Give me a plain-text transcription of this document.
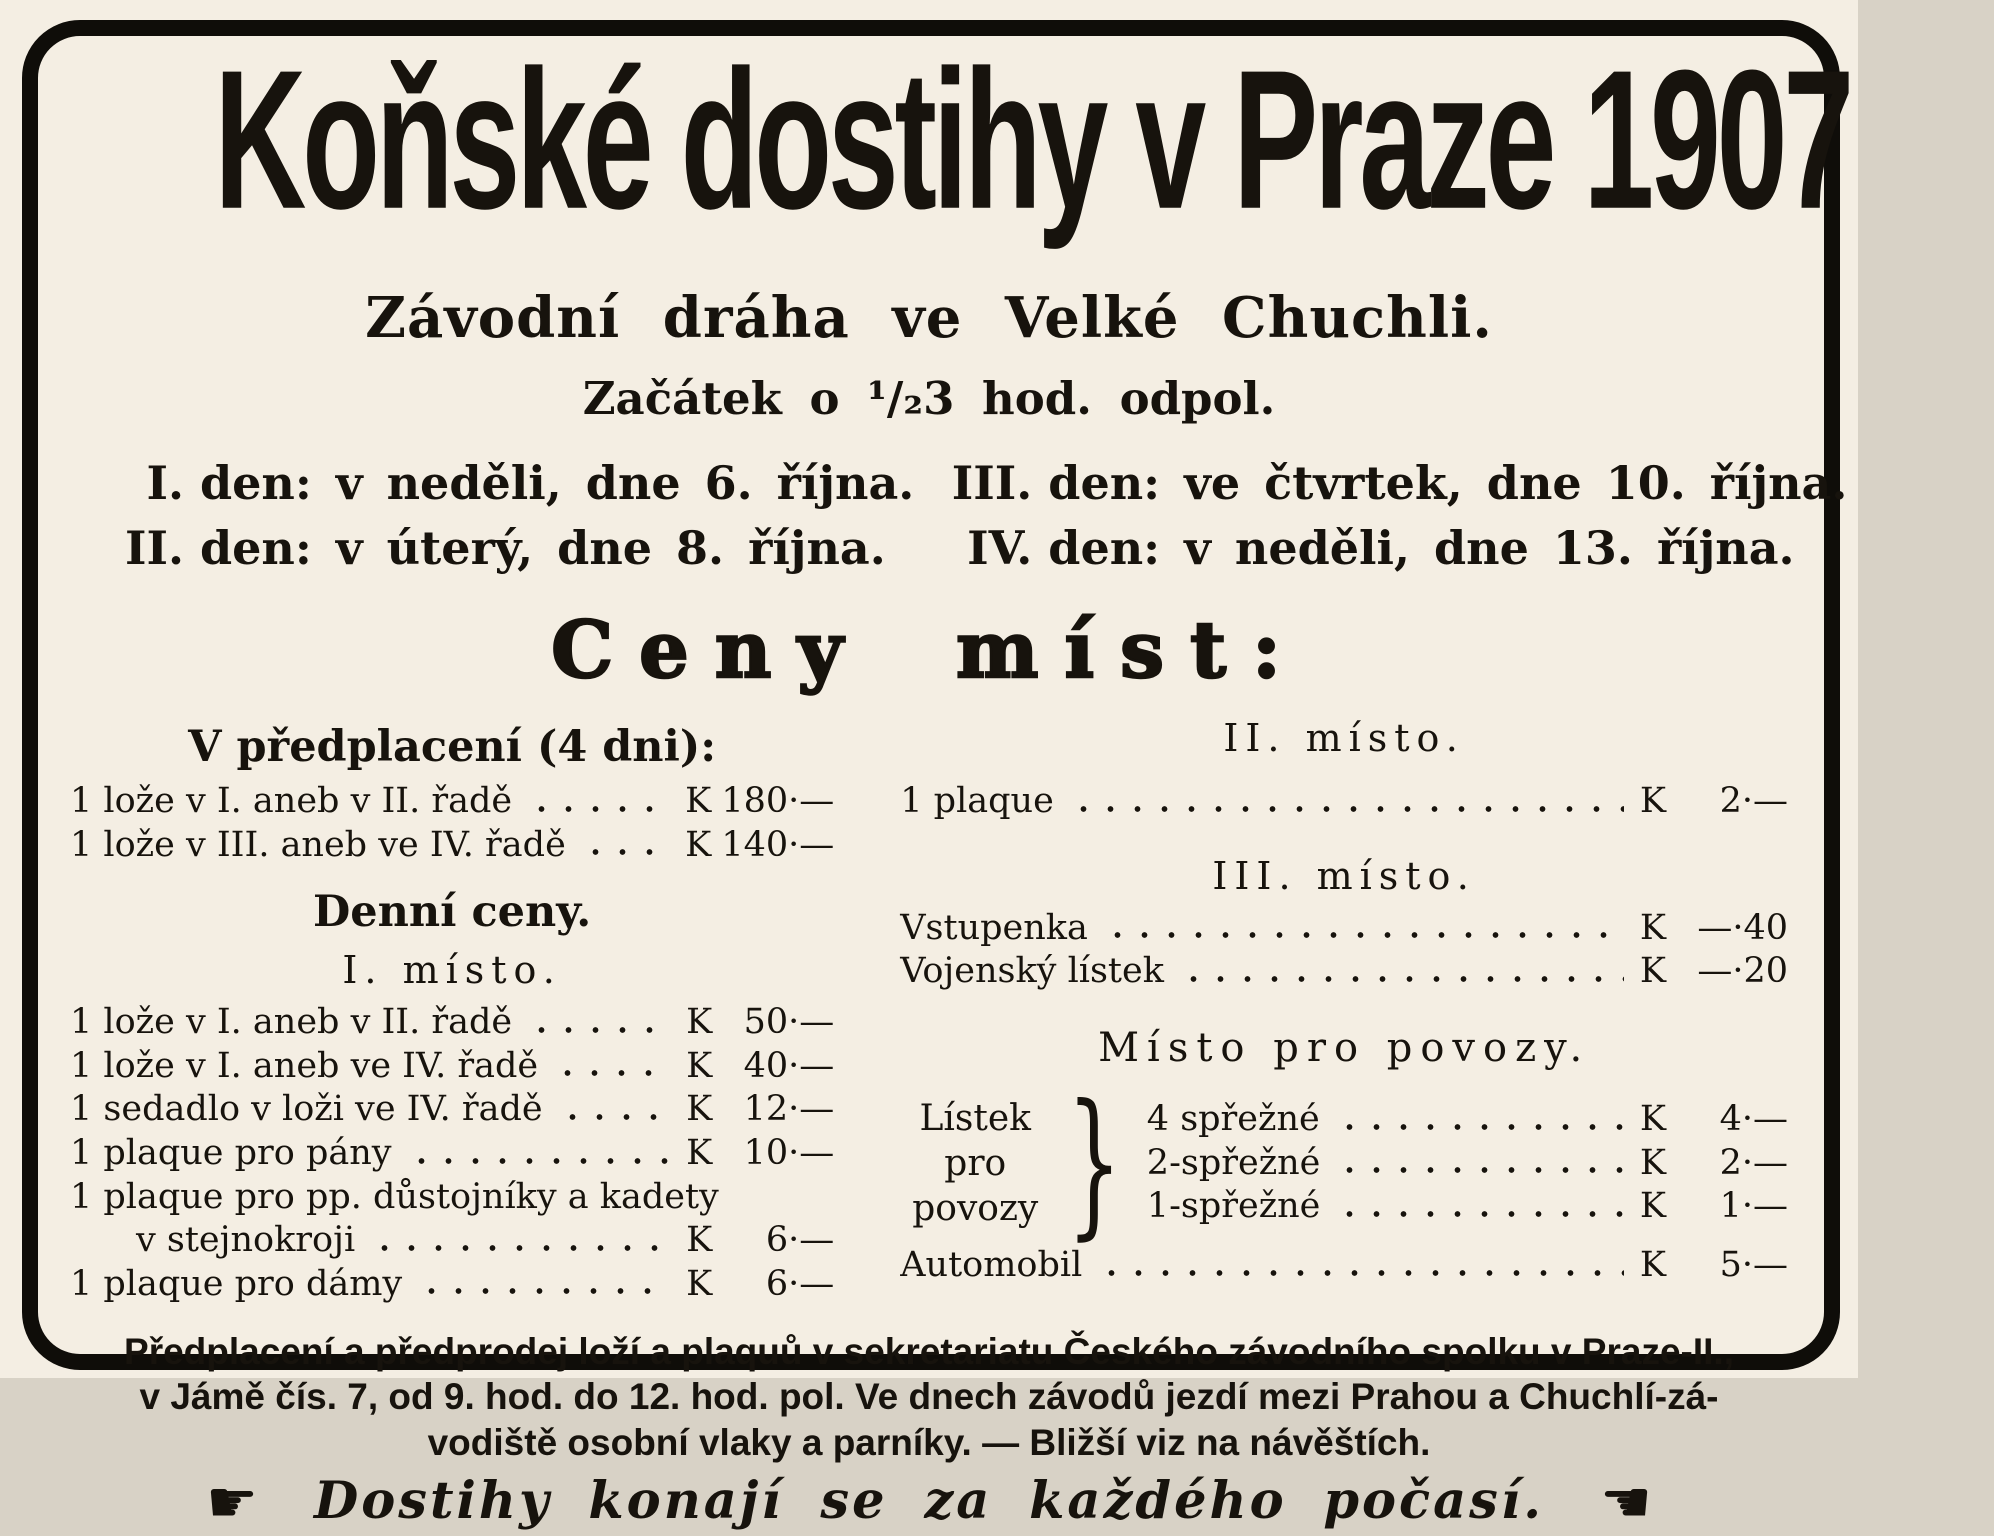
Koňské dostihy v Praze 1907
Závodní dráha ve Velké Chuchli.
Začátek o ¹/₂3 hod. odpol.
I. den: v neděli, dne 6. října.
II. den: v úterý, dne 8. října.
III. den: ve čtvrtek, dne 10. října.
IV. den: v neděli, dne 13. října.
Ceny míst:
V předplacení (4 dni):
1 lože v I. aneb v II. řadě	K 180·—
1 lože v III. aneb ve IV. řadě	K 140·—
Denní ceny.
I. místo.
1 lože v I. aneb v II. řadě	K 50·—
1 lože v I. aneb ve IV. řadě	K 40·—
1 sedadlo v loži ve IV. řadě	K 12·—
1 plaque pro pány	K 10·—
1 plaque pro pp. důstojníky a kadety
v stejnokroji	K	6·—
1 plaque pro dámy	K	6·—
II. místo.
1 plaque	K	2·—
III. místo.
Vstupenka	K —·40
Vojenský lístek	K —·20
Místo pro povozy.
Lístek
pro
povozy } 4 spřežné	K	4·—
2-spřežné	K	2·—
1-spřežné	K	1·—
Automobil	K	5·—
Předplacení a předprodej loží a plaquů v sekretariatu Českého závodního spolku v Praze-II.,
v Jámě čís. 7, od 9. hod. do 12. hod. pol. Ve dnech závodů jezdí mezi Prahou a Chuchlí-zá-
vodiště osobní vlaky a parníky. — Bližší viz na návěštích.
☛ Dostihy konají se za každého počasí. ☚
